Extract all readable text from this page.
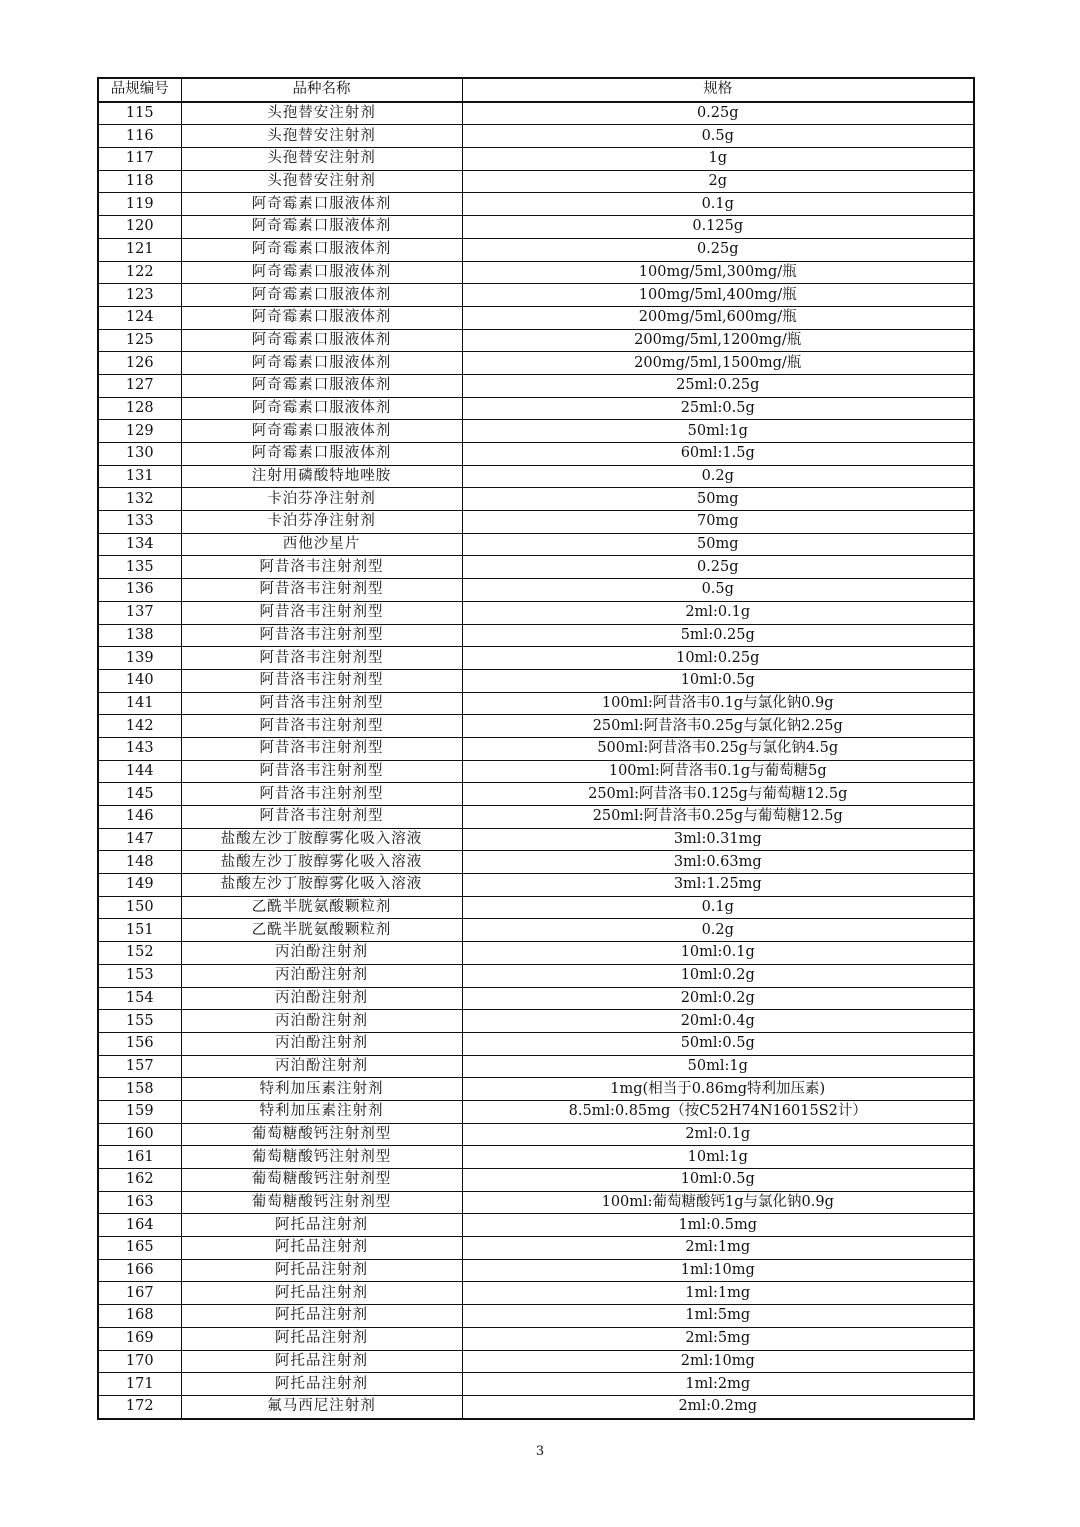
品规编号	品种名称	规格
115	头孢替安注射剂	0.25g
116	头孢替安注射剂	0.5g
117	头孢替安注射剂	1g
118	头孢替安注射剂	2g
119	阿奇霉素口服液体剂	0.1g
120	阿奇霉素口服液体剂	0.125g
121	阿奇霉素口服液体剂	0.25g
122	阿奇霉素口服液体剂	100mg/5ml,300mg/瓶
123	阿奇霉素口服液体剂	100mg/5ml,400mg/瓶
124	阿奇霉素口服液体剂	200mg/5ml,600mg/瓶
125	阿奇霉素口服液体剂	200mg/5ml,1200mg/瓶
126	阿奇霉素口服液体剂	200mg/5ml,1500mg/瓶
127	阿奇霉素口服液体剂	25ml:0.25g
128	阿奇霉素口服液体剂	25ml:0.5g
129	阿奇霉素口服液体剂	50ml:1g
130	阿奇霉素口服液体剂	60ml:1.5g
131	注射用磷酸特地唑胺	0.2g
132	卡泊芬净注射剂	50mg
133	卡泊芬净注射剂	70mg
134	西他沙星片	50mg
135	阿昔洛韦注射剂型	0.25g
136	阿昔洛韦注射剂型	0.5g
137	阿昔洛韦注射剂型	2ml:0.1g
138	阿昔洛韦注射剂型	5ml:0.25g
139	阿昔洛韦注射剂型	10ml:0.25g
140	阿昔洛韦注射剂型	10ml:0.5g
141	阿昔洛韦注射剂型	100ml:阿昔洛韦0.1g与氯化钠0.9g
142	阿昔洛韦注射剂型	250ml:阿昔洛韦0.25g与氯化钠2.25g
143	阿昔洛韦注射剂型	500ml:阿昔洛韦0.25g与氯化钠4.5g
144	阿昔洛韦注射剂型	100ml:阿昔洛韦0.1g与葡萄糖5g
145	阿昔洛韦注射剂型	250ml:阿昔洛韦0.125g与葡萄糖12.5g
146	阿昔洛韦注射剂型	250ml:阿昔洛韦0.25g与葡萄糖12.5g
147	盐酸左沙丁胺醇雾化吸入溶液	3ml:0.31mg
148	盐酸左沙丁胺醇雾化吸入溶液	3ml:0.63mg
149	盐酸左沙丁胺醇雾化吸入溶液	3ml:1.25mg
150	乙酰半胱氨酸颗粒剂	0.1g
151	乙酰半胱氨酸颗粒剂	0.2g
152	丙泊酚注射剂	10ml:0.1g
153	丙泊酚注射剂	10ml:0.2g
154	丙泊酚注射剂	20ml:0.2g
155	丙泊酚注射剂	20ml:0.4g
156	丙泊酚注射剂	50ml:0.5g
157	丙泊酚注射剂	50ml:1g
158	特利加压素注射剂	1mg(相当于0.86mg特利加压素)
159	特利加压素注射剂	8.5ml:0.85mg（按C52H74N16015S2计）
160	葡萄糖酸钙注射剂型	2ml:0.1g
161	葡萄糖酸钙注射剂型	10ml:1g
162	葡萄糖酸钙注射剂型	10ml:0.5g
163	葡萄糖酸钙注射剂型	100ml:葡萄糖酸钙1g与氯化钠0.9g
164	阿托品注射剂	1ml:0.5mg
165	阿托品注射剂	2ml:1mg
166	阿托品注射剂	1ml:10mg
167	阿托品注射剂	1ml:1mg
168	阿托品注射剂	1ml:5mg
169	阿托品注射剂	2ml:5mg
170	阿托品注射剂	2ml:10mg
171	阿托品注射剂	1ml:2mg
172	氟马西尼注射剂	2ml:0.2mg
3
